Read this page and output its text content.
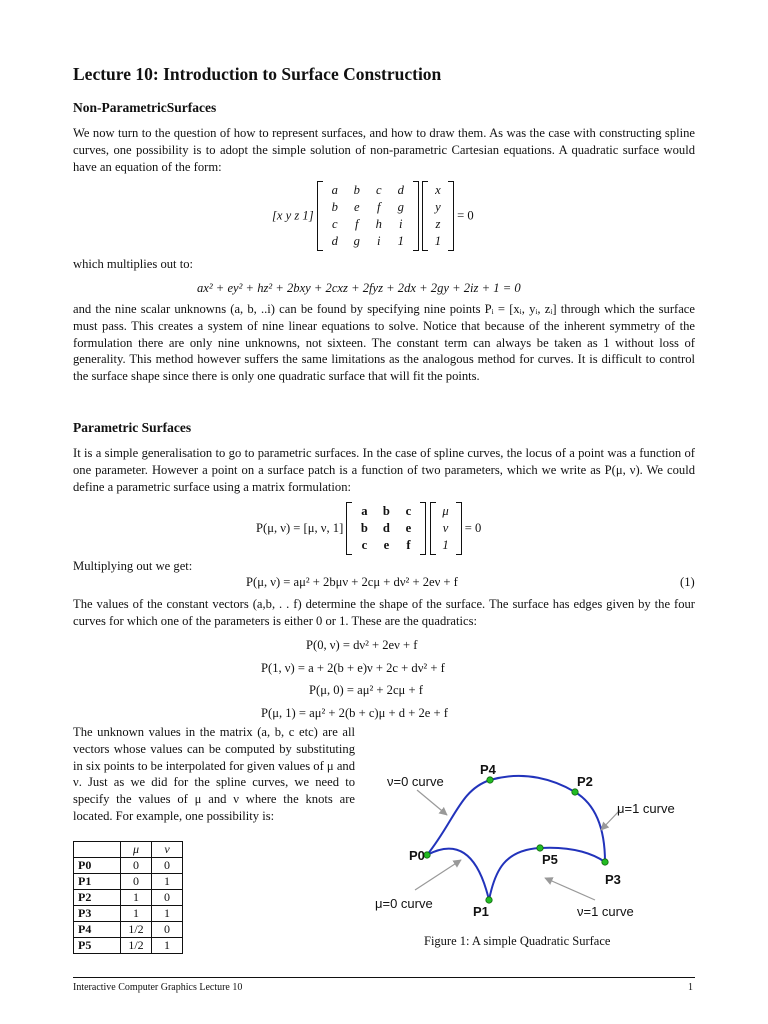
Lecture 10: Introduction to Surface Construction
Non-ParametricSurfaces

We now turn to the question of how to represent surfaces, and how to draw them. As was the case with constructing spline curves, one possibility is to adopt the simple solution of non-parametric Cartesian equations. A quadratic surface would have an equation of the form:

[x y z 1]
a	b	c	d
b	e	f	g
c	f	h	i
d	g	i	1

x
y
z
1
= 0

which multiplies out to:

ax² + ey² + hz² + 2bxy + 2cxz + 2fyz + 2dx + 2gy + 2iz + 1 = 0

and the nine scalar unknowns (a, b, ..i) can be found by specifying nine points Pᵢ = [xᵢ, yᵢ, zᵢ] through which the surface must pass. This creates a system of nine linear equations to solve. Notice that because of the inherent symmetry of the formulation there are only nine unknowns, not sixteen. The constant term can always be taken as 1 without loss of generality. This method however suffers the same limitations as the analogous method for curves. It is difficult to control the surface shape since there is only one quadratic surface that will fit the points.

Parametric Surfaces

It is a simple generalisation to go to parametric surfaces. In the case of spline curves, the locus of a point was a function of one parameter. However a point on a surface patch is a function of two parameters, which we write as P(μ, ν). We could define a parametric surface using a matrix formulation:

P(μ, ν) = [μ, ν, 1]
a	b	c
b	d	e
c	e	f

μ
ν
1
= 0

Multiplying out we get:

P(μ, ν) = aμ² + 2bμν + 2cμ + dν² + 2eν + f	(1)

The values of the constant vectors (a,b, . . f) determine the shape of the surface. The surface has edges given by the four curves for which one of the parameters is either 0 or 1. These are the quadratics:

P(0, ν) = dν² + 2eν + f
P(1, ν) = a + 2(b + e)ν + 2c + dν² + f
P(μ, 0) = aμ² + 2cμ + f
P(μ, 1) = aμ² + 2(b + c)μ + d + 2e + f

The unknown values in the matrix (a, b, c etc) are all vectors whose values can be computed by substituting in six points to be interpolated for given values of μ and ν. Just as we did for the spline curves, we need to specify the values of μ and ν where the knots are located. For example, one possibility is:

	μ	ν
P0	0	0
P1	0	1
P2	1	0
P3	1	1
P4	1/2	0
P5	1/2	1
P0
P1
P2
P3
P4
P5
ν=0 curve
μ=1 curve
μ=0 curve
ν=1 curve
Figure 1: A simple Quadratic Surface
Interactive Computer Graphics Lecture 10	1
